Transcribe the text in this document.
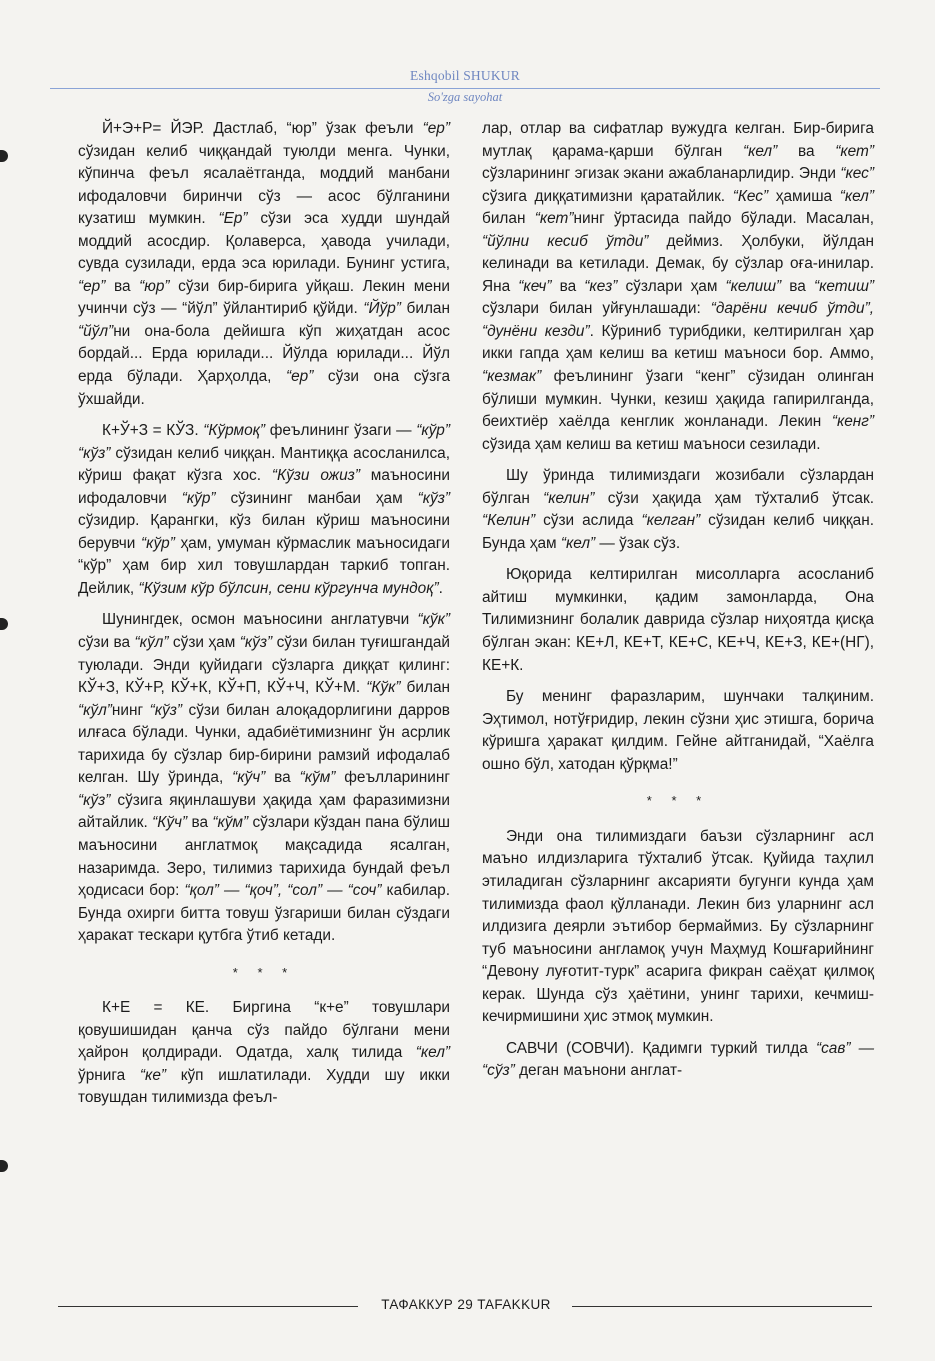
Eshqobil SHUKUR
So'zga sayohat

Й+Э+Р= ЙЭР. Дастлаб, “юр” ўзак феъли “ер” сўзидан келиб чиққандай туюлди менга. Чунки, кўпинча феъл ясалаётганда, моддий манбани ифодаловчи биринчи сўз — асос бўлганини кузатиш мумкин. “Ер” сўзи эса худди шундай моддий асосдир. Қолаверса, ҳавода училади, сувда сузилади, ерда эса юрилади. Бунинг устига, “ер” ва “юр” сўзи бир-бирига уйқаш. Лекин мени учинчи сўз — “йўл” ўйлантириб қўйди. “Йўр” билан “йўл”ни она-бола дейишга кўп жиҳатдан асос бордай... Ерда юрилади... Йўлда юрилади... Йўл ерда бўлади. Ҳарҳолда, “ер” сўзи она сўзга ўхшайди.

К+Ў+З = КЎЗ. “Кўрмоқ” феълининг ўзаги — “кўр” “кўз” сўзидан келиб чиққан. Мантиққа асосланилса, кўриш фақат кўзга хос. “Кўзи ожиз” маъносини ифодаловчи “кўр” сўзининг манбаи ҳам “кўз” сўзидир. Қарангки, кўз билан кўриш маъносини берувчи “кўр” ҳам, умуман кўрмаслик маъносидаги “кўр” ҳам бир хил товушлардан таркиб топган. Дейлик, “Кўзим кўр бўлсин, сени кўргунча мундоқ”.

Шунингдек, осмон маъносини англатувчи “кўк” сўзи ва “кўл” сўзи ҳам “кўз” сўзи билан туғишгандай туюлади. Энди қуйидаги сўзларга диққат қилинг: КЎ+З, КЎ+Р, КЎ+К, КЎ+П, КЎ+Ч, КЎ+М. “Кўк” билан “кўл”нинг “кўз” сўзи билан алоқадорлигини дарров илғаса бўлади. Чунки, адабиётимизнинг ўн асрлик тарихида бу сўзлар бир-бирини рамзий ифодалаб келган. Шу ўринда, “кўч” ва “кўм” феълларининг “кўз” сўзига яқинлашуви ҳақида ҳам фаразимизни айтайлик. “Кўч” ва “кўм” сўзлари кўздан пана бўлиш маъносини англатмоқ мақсадида ясалган, назаримда. Зеро, тилимиз тарихида бундай феъл ҳодисаси бор: “қол” — “қоч”, “сол” — “соч” кабилар. Бунда охирги битта товуш ўзгариши билан сўздаги ҳаракат тескари қутбга ўтиб кетади.

* * *

К+Е = КЕ. Биргина “к+е” товушлари қовушишидан қанча сўз пайдо бўлгани мени ҳайрон қолдиради. Одатда, халқ тилида “кел” ўрнига “ке” кўп ишлатилади. Худди шу икки товушдан тилимизда феъл-

лар, отлар ва сифатлар вужудга келган. Бир-бирига мутлақ қарама-қарши бўлган “кел” ва “кет” сўзларининг эгизак экани ажабланарлидир. Энди “кес” сўзига диққатимизни қаратайлик. “Кес” ҳамиша “кел” билан “кет”нинг ўртасида пайдо бўлади. Масалан, “йўлни кесиб ўтди” деймиз. Ҳолбуки, йўлдан келинади ва кетилади. Демак, бу сўзлар оға-инилар. Яна “кеч” ва “кез” сўзлари ҳам “келиш” ва “кетиш” сўзлари билан уйғунлашади: “дарёни кечиб ўтди”, “дунёни кезди”. Кўриниб турибдики, келтирилган ҳар икки гапда ҳам келиш ва кетиш маъноси бор. Аммо, “кезмак” феълининг ўзаги “кенг” сўзидан олинган бўлиши мумкин. Чунки, кезиш ҳақида гапирилганда, беихтиёр хаёлда кенглик жонланади. Лекин “кенг” сўзида ҳам келиш ва кетиш маъноси сезилади.

Шу ўринда тилимиздаги жозибали сўзлардан бўлган “келин” сўзи ҳақида ҳам тўхталиб ўтсак. “Келин” сўзи аслида “келган” сўзидан келиб чиққан. Бунда ҳам “кел” — ўзак сўз.

Юқорида келтирилган мисолларга асосланиб айтиш мумкинки, қадим замонларда, Она Тилимизнинг болалик даврида сўзлар ниҳоятда қисқа бўлган экан: КЕ+Л, КЕ+Т, КЕ+С, КЕ+Ч, КЕ+З, КЕ+(НГ), КЕ+К.

Бу менинг фаразларим, шунчаки талқиним. Эҳтимол, нотўғридир, лекин сўзни ҳис этишга, борича кўришга ҳаракат қилдим. Гейне айтганидай, “Хаёлга ошно бўл, хатодан қўрқма!”

* * *

Энди она тилимиздаги баъзи сўзларнинг асл маъно илдизларига тўхталиб ўтсак. Қуйида таҳлил этиладиган сўзларнинг аксарияти бугунги кунда ҳам тилимизда фаол қўлланади. Лекин биз уларнинг асл илдизига деярли эътибор бермаймиз. Бу сўзларнинг туб маъносини англамоқ учун Маҳмуд Кошғарийнинг “Девону луғотит-турк” асарига фикран саёҳат қилмоқ керак. Шунда сўз ҳаётини, унинг тарихи, кечмиш-кечирмишини ҳис этмоқ мумкин.

САВЧИ (СОВЧИ). Қадимги туркий тилда “сав” — “сўз” деган маънони англат-

ТАФАККУР 29 TAFAKKUR
